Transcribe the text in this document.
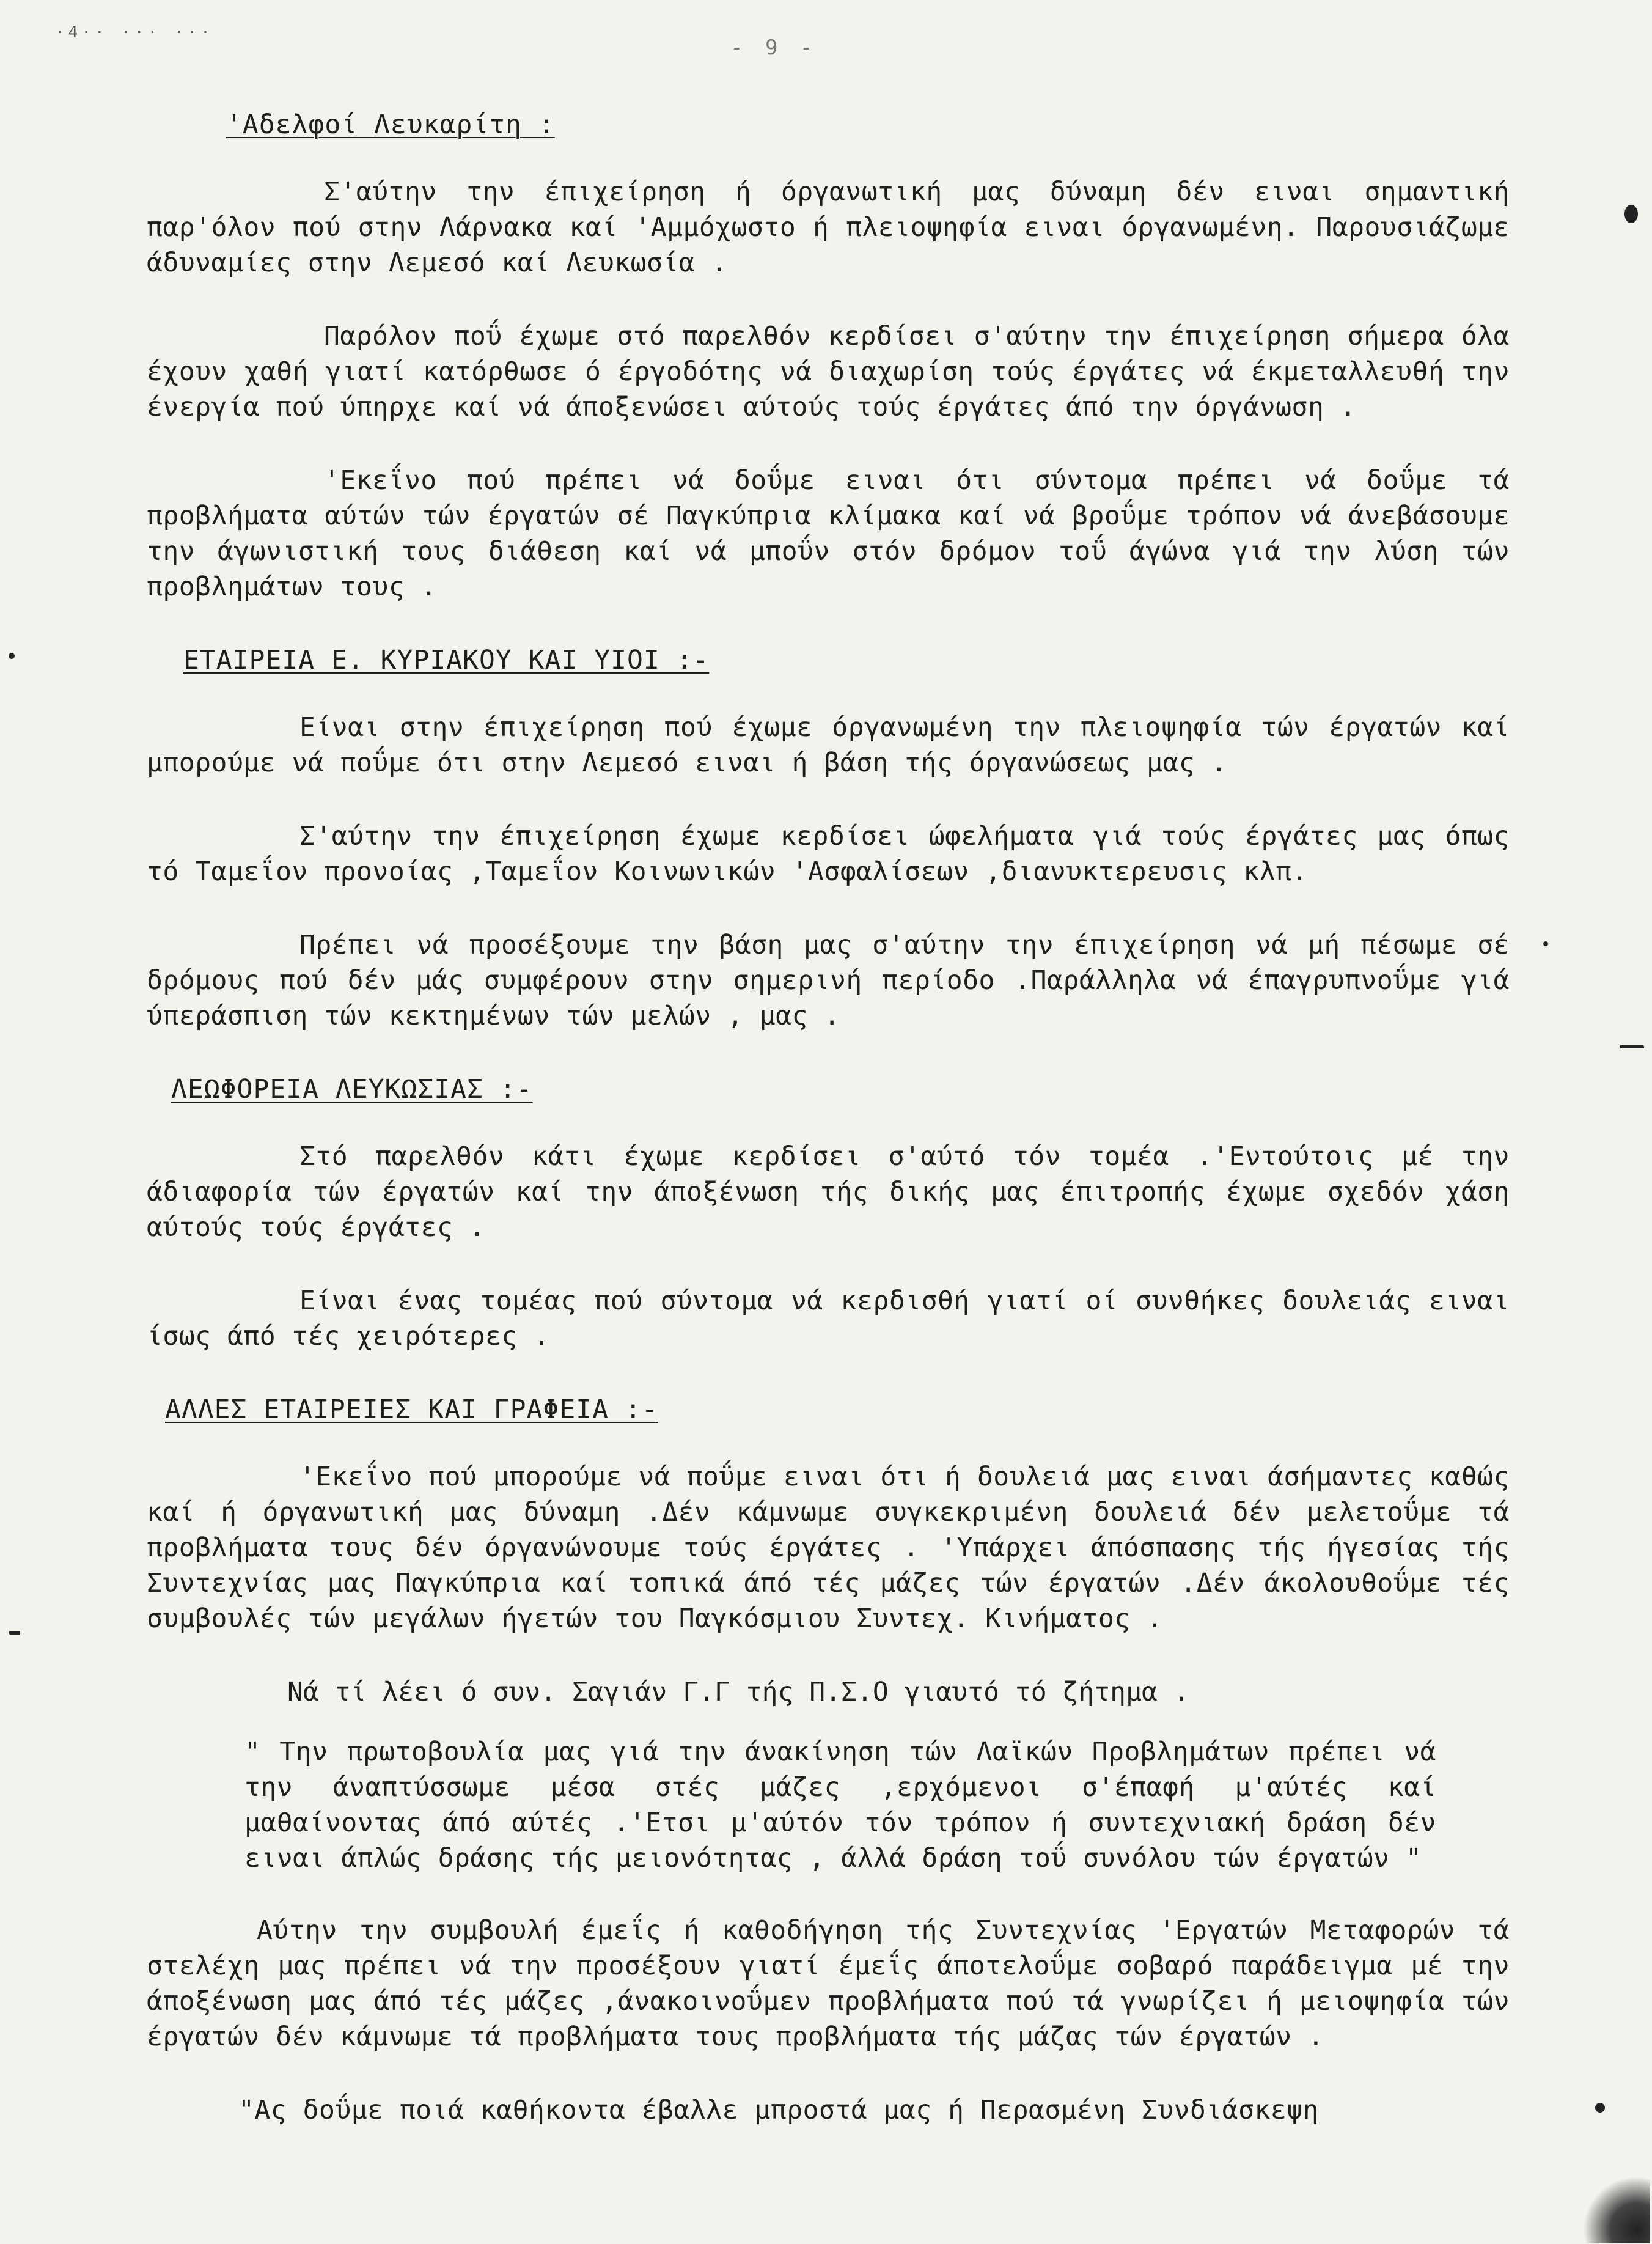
·4·· ··· ···
- 9 -
'Αδελφοί Λευκαρίτη :

Σ'αύτην την έπιχείρηση ή όργανωτική μας δύναμη δέν ειναι σημαντική παρ'όλον πού στην Λάρνακα καί 'Αμμόχωστο ή πλειοψηφία ειναι όργανωμένη. Παρουσιάζωμε άδυναμίες στην Λεμεσό καί Λευκωσία .

Παρόλον ποΰ έχωμε στό παρελθόν κερδίσει σ'αύτην την έπιχείρηση σήμερα όλα έχουν χαθή γιατί κατόρθωσε ό έργοδότης νά διαχωρίση τούς έργάτες νά έκμεταλλευθή την ένεργία πού ύπηρχε καί νά άποξενώσει αύτούς τούς έργάτες άπό την όργάνωση .

'Εκεΐνο πού πρέπει νά δοΰμε ειναι ότι σύντομα πρέπει νά δοΰμε τά προβλήματα αύτών τών έργατών σέ Παγκύπρια κλίμακα καί νά βροΰμε τρόπον νά άνεβάσουμε την άγωνιστική τους διάθεση καί νά μποΰν στόν δρόμον τοΰ άγώνα γιά την λύση τών προβλημάτων τους .

ΕΤΑΙΡΕΙΑ Ε. ΚΥΡΙΑΚΟΥ ΚΑΙ ΥΙΟΙ :-

Είναι στην έπιχείρηση πού έχωμε όργανωμένη την πλειοψηφία τών έργατών καί μπορούμε νά ποΰμε ότι στην Λεμεσό ειναι ή βάση τής όργανώσεως μας .

Σ'αύτην την έπιχείρηση έχωμε κερδίσει ώφελήματα γιά τούς έργάτες μας όπως τό Ταμεΐον προνοίας ,Ταμεΐον Κοινωνικών 'Ασφαλίσεων ,διανυκτερευσις κλπ.

Πρέπει νά προσέξουμε την βάση μας σ'αύτην την έπιχείρηση νά μή πέσωμε σέ δρόμους πού δέν μάς συμφέρουν στην σημερινή περίοδο .Παράλληλα νά έπαγρυπνοΰμε γιά ύπεράσπιση τών κεκτημένων τών μελών , μας .

ΛΕΩΦΟΡΕΙΑ ΛΕΥΚΩΣΙΑΣ :-

Στό παρελθόν κάτι έχωμε κερδίσει σ'αύτό τόν τομέα .'Εντούτοις μέ την άδιαφορία τών έργατών καί την άποξένωση τής δικής μας έπιτροπής έχωμε σχεδόν χάση αύτούς τούς έργάτες .

Είναι ένας τομέας πού σύντομα νά κερδισθή γιατί οί συνθήκες δουλειάς ειναι ίσως άπό τές χειρότερες .

ΑΛΛΕΣ ΕΤΑΙΡΕΙΕΣ ΚΑΙ ΓΡΑΦΕΙΑ :-

'Εκεΐνο πού μπορούμε νά ποΰμε ειναι ότι ή δουλειά μας ειναι άσήμαντες καθώς καί ή όργανωτική μας δύναμη .Δέν κάμνωμε συγκεκριμένη δουλειά δέν μελετοΰμε τά προβλήματα τους δέν όργανώνουμε τούς έργάτες . 'Υπάρχει άπόσπασης τής ήγεσίας τής Συντεχνίας μας Παγκύπρια καί τοπικά άπό τές μάζες τών έργατών .Δέν άκολουθοΰμε τές συμβουλές τών μεγάλων ήγετών του Παγκόσμιου Συντεχ. Κινήματος .

Νά τί λέει ό συν. Σαγιάν Γ.Γ τής Π.Σ.Ο γιαυτό τό ζήτημα .

" Την πρωτοβουλία μας γιά την άνακίνηση τών Λαϊκών Προβλημάτων πρέπει νά την άναπτύσσωμε μέσα στές μάζες ,ερχόμενοι σ'έπαφή μ'αύτές καί μαθαίνοντας άπό αύτές .'Ετσι μ'αύτόν τόν τρόπον ή συντεχνιακή δράση δέν ειναι άπλώς δράσης τής μειονότητας , άλλά δράση τοΰ συνόλου τών έργατών "

Αύτην την συμβουλή έμεΐς ή καθοδήγηση τής Συντεχνίας 'Εργατών Μεταφορών τά στελέχη μας πρέπει νά την προσέξουν γιατί έμεΐς άποτελοΰμε σοβαρό παράδειγμα μέ την άποξένωση μας άπό τές μάζες ,άνακοινοΰμεν προβλήματα πού τά γνωρίζει ή μειοψηφία τών έργατών δέν κάμνωμε τά προβλήματα τους προβλήματα τής μάζας τών έργατών .

"Ας δοΰμε ποιά καθήκοντα έβαλλε μπροστά μας ή Περασμένη Συνδιάσκεψη
